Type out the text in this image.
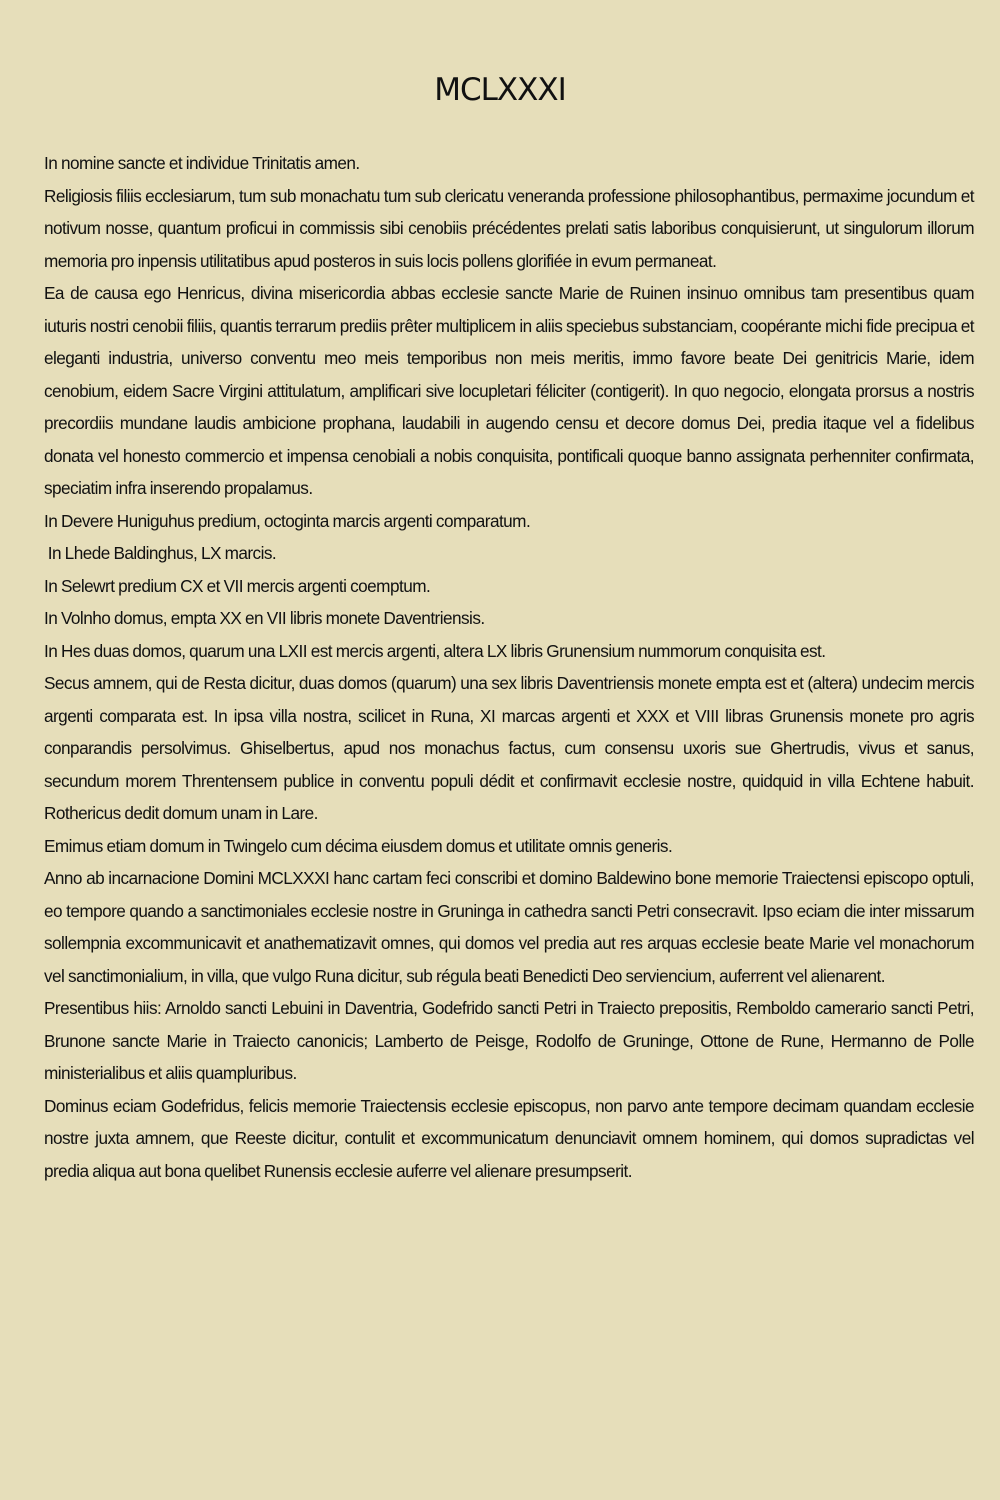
MCLXXXI

In nomine sancte et individue Trinitatis amen.

Religiosis filiis ecclesiarum, tum sub monachatu tum sub clericatu veneranda professione philosophantibus, permaxime jocundum et notivum nosse, quantum proficui in commissis sibi cenobiis précédentes prelati satis laboribus conquisierunt, ut singulorum illorum memoria pro inpensis utilitatibus apud posteros in suis locis pollens glorifiée in evum permaneat.

Ea de causa ego Henricus, divina misericordia abbas ecclesie sancte Marie de Ruinen insinuo omnibus tam presentibus quam iuturis nostri cenobii filiis, quantis terrarum prediis prêter multiplicem in aliis speciebus substanciam, coopérante michi fide precipua et eleganti industria, universo conventu meo meis temporibus non meis meritis, immo favore beate Dei genitricis Marie, idem cenobium, eidem Sacre Virgini attitulatum, amplificari sive locupletari féliciter (contigerit). In quo negocio, elongata prorsus a nostris precordiis mundane laudis ambicione prophana, laudabili in augendo censu et decore domus Dei, predia itaque vel a fidelibus donata vel honesto commercio et impensa cenobiali a nobis conquisita, pontificali quoque banno assignata perhenniter confirmata, speciatim infra inserendo propalamus.

In Devere Huniguhus predium, octoginta marcis argenti comparatum.

In Lhede Baldinghus, LX marcis.

In Selewrt predium CX et VII mercis argenti coemptum.

In Volnho domus, empta XX en VII libris monete Daventriensis.

In Hes duas domos, quarum una LXII est mercis argenti, altera LX libris Grunensium nummorum conquisita est.

Secus amnem, qui de Resta dicitur, duas domos (quarum) una sex libris Daventriensis monete empta est et (altera) undecim mercis argenti comparata est. In ipsa villa nostra, scilicet in Runa, XI marcas argenti et XXX et VIII libras Grunensis monete pro agris conparandis persolvimus. Ghiselbertus, apud nos monachus factus, cum consensu uxoris sue Ghertrudis, vivus et sanus, secundum morem Threntensem publice in conventu populi dédit et confirmavit ecclesie nostre, quidquid in villa Echtene habuit. Rothericus dedit domum unam in Lare.

Emimus etiam domum in Twingelo cum décima eiusdem domus et utilitate omnis generis.

Anno ab incarnacione Domini MCLXXXI hanc cartam feci conscribi et domino Baldewino bone memorie Traiectensi episcopo optuli, eo tempore quando a sanctimoniales ecclesie nostre in Gruninga in cathedra sancti Petri consecravit. Ipso eciam die inter missarum sollempnia excommunicavit et anathematizavit omnes, qui domos vel predia aut res arquas ecclesie beate Marie vel monachorum vel sanctimonialium, in villa, que vulgo Runa dicitur, sub régula beati Benedicti Deo serviencium, auferrent vel alienarent.

Presentibus hiis: Arnoldo sancti Lebuini in Daventria, Godefrido sancti Petri in Traiecto prepositis, Remboldo camerario sancti Petri, Brunone sancte Marie in Traiecto canonicis; Lamberto de Peisge, Rodolfo de Gruninge, Ottone de Rune, Hermanno de Polle ministerialibus et aliis quampluribus.

Dominus eciam Godefridus, felicis memorie Traiectensis ecclesie episcopus, non parvo ante tempore decimam quandam ecclesie nostre juxta amnem, que Reeste dicitur, contulit et excommunicatum denunciavit omnem hominem, qui domos supradictas vel predia aliqua aut bona quelibet Runensis ecclesie auferre vel alienare presumpserit.
